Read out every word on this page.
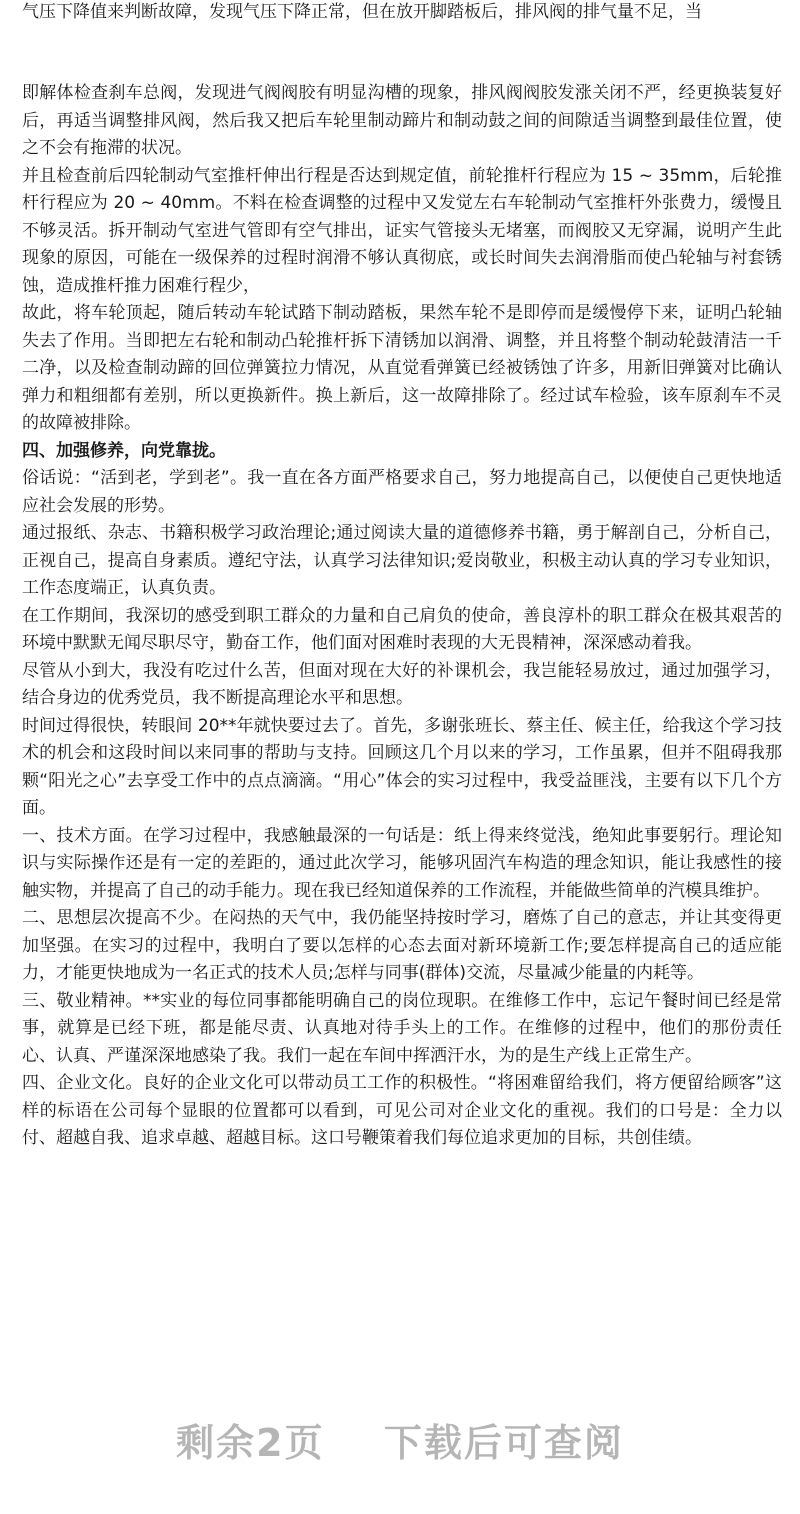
气压下降值来判断故障，发现气压下降正常，但在放开脚踏板后，排风阀的排气量不足，当

即解体检查刹车总阀，发现进气阀阀胶有明显沟槽的现象，排风阀阀胶发涨关闭不严，经更换装复好后，再适当调整排风阀，然后我又把后车轮里制动蹄片和制动鼓之间的间隙适当调整到最佳位置，使之不会有拖滞的状况。

并且检查前后四轮制动气室推杆伸出行程是否达到规定值，前轮推杆行程应为 15 ~ 35mm，后轮推杆行程应为 20 ~ 40mm。不料在检查调整的过程中又发觉左右车轮制动气室推杆外张费力，缓慢且不够灵活。拆开制动气室进气管即有空气排出，证实气管接头无堵塞，而阀胶又无穿漏，说明产生此现象的原因，可能在一级保养的过程时润滑不够认真彻底，或长时间失去润滑脂而使凸轮轴与衬套锈蚀，造成推杆推力困难行程少，

故此，将车轮顶起，随后转动车轮试踏下制动踏板，果然车轮不是即停而是缓慢停下来，证明凸轮轴失去了作用。当即把左右轮和制动凸轮推杆拆下清锈加以润滑、调整，并且将整个制动轮鼓清洁一千二净，以及检查制动蹄的回位弹簧拉力情况，从直觉看弹簧已经被锈蚀了许多，用新旧弹簧对比确认弹力和粗细都有差别，所以更换新件。换上新后，这一故障排除了。经过试车检验，该车原刹车不灵的故障被排除。

四、加强修养，向党靠拢。

俗话说：“活到老，学到老”。我一直在各方面严格要求自己，努力地提高自己，以便使自己更快地适应社会发展的形势。

通过报纸、杂志、书籍积极学习政治理论;通过阅读大量的道德修养书籍，勇于解剖自己，分析自己，正视自己，提高自身素质。遵纪守法，认真学习法律知识;爱岗敬业，积极主动认真的学习专业知识，工作态度端正，认真负责。

在工作期间，我深切的感受到职工群众的力量和自己肩负的使命，善良淳朴的职工群众在极其艰苦的环境中默默无闻尽职尽守，勤奋工作，他们面对困难时表现的大无畏精神，深深感动着我。

尽管从小到大，我没有吃过什么苦，但面对现在大好的补课机会，我岂能轻易放过，通过加强学习，结合身边的优秀党员，我不断提高理论水平和思想。

时间过得很快，转眼间 20**年就快要过去了。首先，多谢张班长、蔡主任、候主任，给我这个学习技术的机会和这段时间以来同事的帮助与支持。回顾这几个月以来的学习，工作虽累，但并不阻碍我那颗“阳光之心”去享受工作中的点点滴滴。“用心”体会的实习过程中，我受益匪浅，主要有以下几个方面。

一、技术方面。在学习过程中，我感触最深的一句话是：纸上得来终觉浅，绝知此事要躬行。理论知识与实际操作还是有一定的差距的，通过此次学习，能够巩固汽车构造的理念知识，能让我感性的接触实物，并提高了自己的动手能力。现在我已经知道保养的工作流程，并能做些简单的汽模具维护。

二、思想层次提高不少。在闷热的天气中，我仍能坚持按时学习，磨炼了自己的意志，并让其变得更加坚强。在实习的过程中，我明白了要以怎样的心态去面对新环境新工作;要怎样提高自己的适应能力，才能更快地成为一名正式的技术人员;怎样与同事(群体)交流，尽量减少能量的内耗等。

三、敬业精神。**实业的每位同事都能明确自己的岗位现职。在维修工作中，忘记午餐时间已经是常事，就算是已经下班，都是能尽责、认真地对待手头上的工作。在维修的过程中，他们的那份责任心、认真、严谨深深地感染了我。我们一起在车间中挥洒汗水，为的是生产线上正常生产。

四、企业文化。良好的企业文化可以带动员工工作的积极性。“将困难留给我们，将方便留给顾客”这样的标语在公司每个显眼的位置都可以看到，可见公司对企业文化的重视。我们的口号是：全力以付、超越自我、追求卓越、超越目标。这口号鞭策着我们每位追求更加的目标，共创佳绩。

剩余2页 下载后可查阅
